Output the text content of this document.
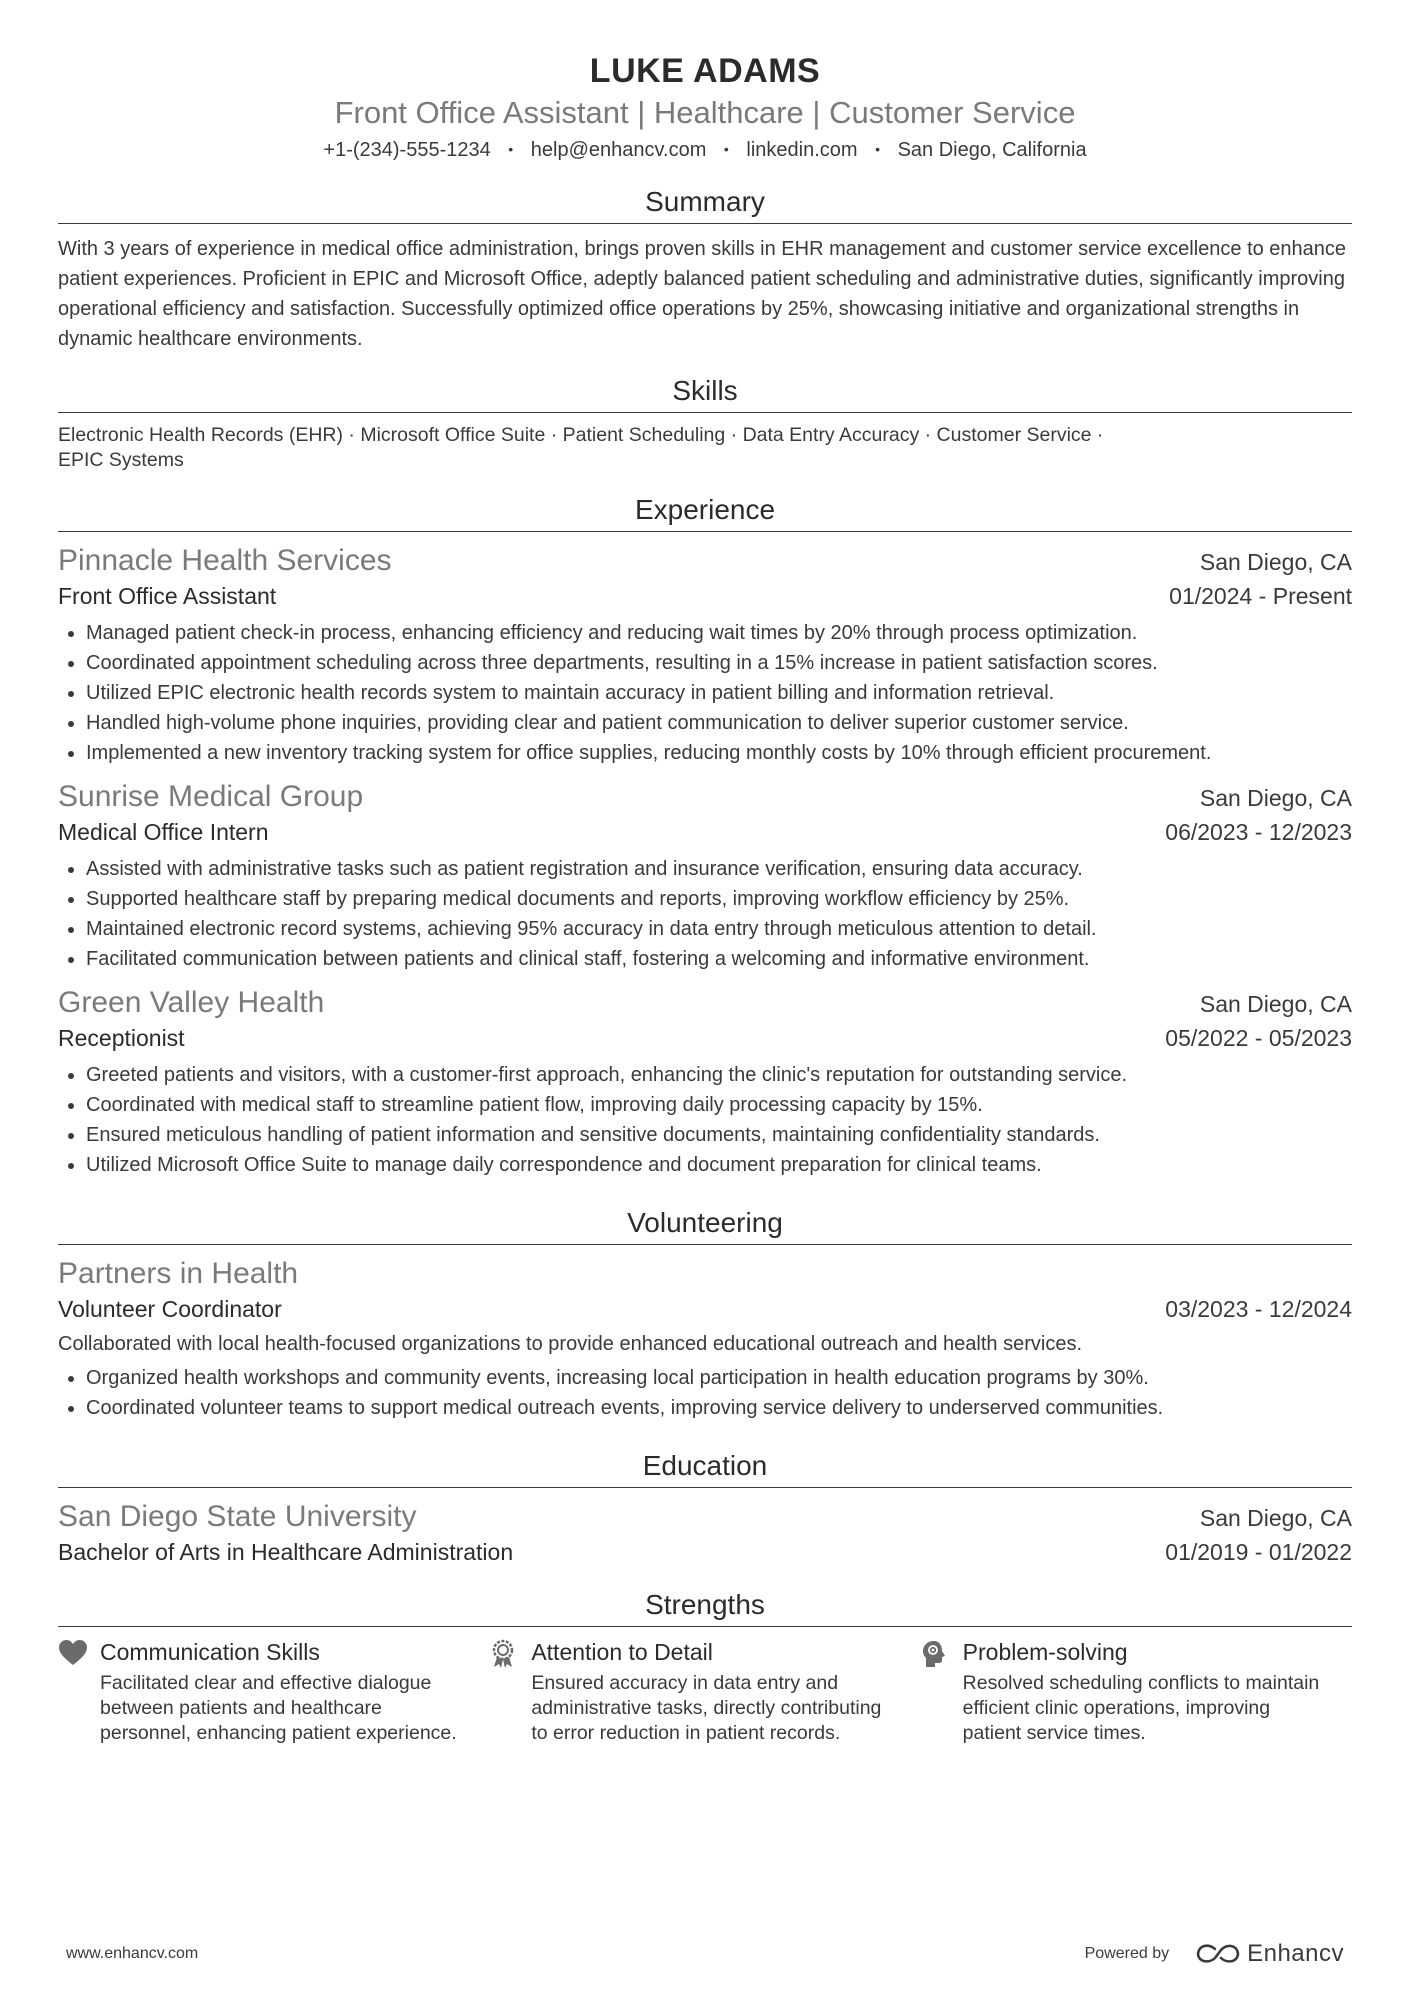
LUKE ADAMS
Front Office Assistant | Healthcare | Customer Service
+1-(234)-555-1234 • help@enhancv.com • linkedin.com • San Diego, California
Summary
With 3 years of experience in medical office administration, brings proven skills in EHR management and customer service excellence to enhance patient experiences. Proficient in EPIC and Microsoft Office, adeptly balanced patient scheduling and administrative duties, significantly improving operational efficiency and satisfaction. Successfully optimized office operations by 25%, showcasing initiative and organizational strengths in dynamic healthcare environments.
Skills
Electronic Health Records (EHR) · Microsoft Office Suite · Patient Scheduling · Data Entry Accuracy · Customer Service ·
EPIC Systems
Experience
Pinnacle Health Services	San Diego, CA
Front Office Assistant	01/2024 - Present
• Managed patient check-in process, enhancing efficiency and reducing wait times by 20% through process optimization.
• Coordinated appointment scheduling across three departments, resulting in a 15% increase in patient satisfaction scores.
• Utilized EPIC electronic health records system to maintain accuracy in patient billing and information retrieval.
• Handled high-volume phone inquiries, providing clear and patient communication to deliver superior customer service.
• Implemented a new inventory tracking system for office supplies, reducing monthly costs by 10% through efficient procurement.
Sunrise Medical Group	San Diego, CA
Medical Office Intern	06/2023 - 12/2023
• Assisted with administrative tasks such as patient registration and insurance verification, ensuring data accuracy.
• Supported healthcare staff by preparing medical documents and reports, improving workflow efficiency by 25%.
• Maintained electronic record systems, achieving 95% accuracy in data entry through meticulous attention to detail.
• Facilitated communication between patients and clinical staff, fostering a welcoming and informative environment.
Green Valley Health	San Diego, CA
Receptionist	05/2022 - 05/2023
• Greeted patients and visitors, with a customer-first approach, enhancing the clinic's reputation for outstanding service.
• Coordinated with medical staff to streamline patient flow, improving daily processing capacity by 15%.
• Ensured meticulous handling of patient information and sensitive documents, maintaining confidentiality standards.
• Utilized Microsoft Office Suite to manage daily correspondence and document preparation for clinical teams.
Volunteering
Partners in Health
Volunteer Coordinator	03/2023 - 12/2024
Collaborated with local health-focused organizations to provide enhanced educational outreach and health services.
• Organized health workshops and community events, increasing local participation in health education programs by 30%.
• Coordinated volunteer teams to support medical outreach events, improving service delivery to underserved communities.
Education
San Diego State University	San Diego, CA
Bachelor of Arts in Healthcare Administration	01/2019 - 01/2022
Strengths
Communication Skills
Facilitated clear and effective dialogue between patients and healthcare personnel, enhancing patient experience.
Attention to Detail
Ensured accuracy in data entry and administrative tasks, directly contributing to error reduction in patient records.
Problem-solving
Resolved scheduling conflicts to maintain efficient clinic operations, improving patient service times.
www.enhancv.com	Powered by	Enhancv
